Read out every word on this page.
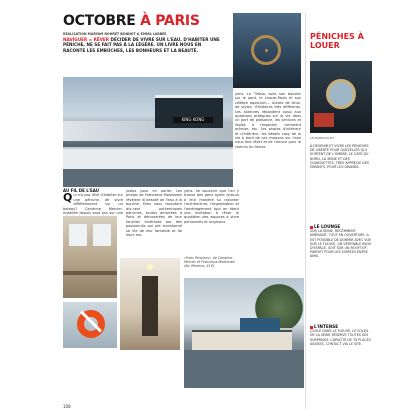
OCTOBRE À PARIS
RÉALISATION MARYAM NOHRET BONNOT & EMMA LABBÉE
NAVIGUER = RÊVER DÉCIDER DE VIVRE SUR L'EAU, D'HABITER UNE PÉNICHE, NE SE FAIT PAS À LA LÉGÈRE. UN LIVRE NOUS EN RACONTE LES EMBÛCHES, LES BONHEURS ET LA BEAUTÉ.
KING KONG
yens. La "Tatsio, avec son bouvier sur le pont, le chocat-Pauls et son célèbre aquarium… Autant de lieux, de styles, d'histoires très différents. Les auteures répondent aussi aux questions pratiques sur la vie dans un port de plaisance, les services et règles à respecter, comment acheter, etc. Les photos d'intérieur et d'intérieur, les détails cosy de la vie à bord de ces maisons sur l'eau nous font rêver et de l'amour pour le chemin du fleuve.
AU FIL DE L'EAU
Q ui n'a pas rêvé d'habiter sur une péniche, de vivre différemment sur un bateau? Cendrine Mercier, installée depuis sept ans sur une
justes pour en parler. Les photos de Francesca Mantovani révèlent la beauté de l'eau à la bouche. Elles nous racontent dix-neuf authentiques péniches, toutes amarrées à Paris et démontrées de leur fonction itinérante par des passionnés qui ont transformé sa Vie de leur fantaisie et de leurs mo-
yens. Se souvenir que l'on y trouve des gens ayant chacun à leur manière su raconter l'architecture, l'organisation et l'aménagement tout en étant une invitation à rêver le quotidien des espaces à vivre personnels et originaux.
«Paris Péniches», de Cendrine Mercier et Francesca Mantovani (éd. Minerva, 43 €).
PÉNICHES À LOUER
LE MARRIOLLOT
À DEVENIR ET VIVRE LES PÉNICHES DE LIBERTÉ POUR QUÉZELLES QUI SORTENT DE L'OMBRE, LE CAFÉ DU NORD, LA SEINE ET DES GUINGUETTES, TRÈS APPRÉCIÉ DES ENFANTS, POUR LES GRANDS.
LE LOUNGE
SUR LA SEINE, RÉCEMMENT AMÉNAGÉ, TOUT EN OUVERTURE. IL EST POSSIBLE DE DORMIR AVEC VUE SUR LE FLEUVE, UN VÉRITABLE BIJOU D'ESPACE, SOIT SUR UN ROOFTOP, PARFAIT POUR LES SOIRÉES ENTRE AMIS.
L'INTENSE
COULÉ DANS LE FLEUVE, LE SOLEIL DE LA SEINE RÉSERVE TOUTES SES SURPRISES. CAPACITÉ DE 70 PLACES ASSISES, CONTACT VIA LE SITE.
108
